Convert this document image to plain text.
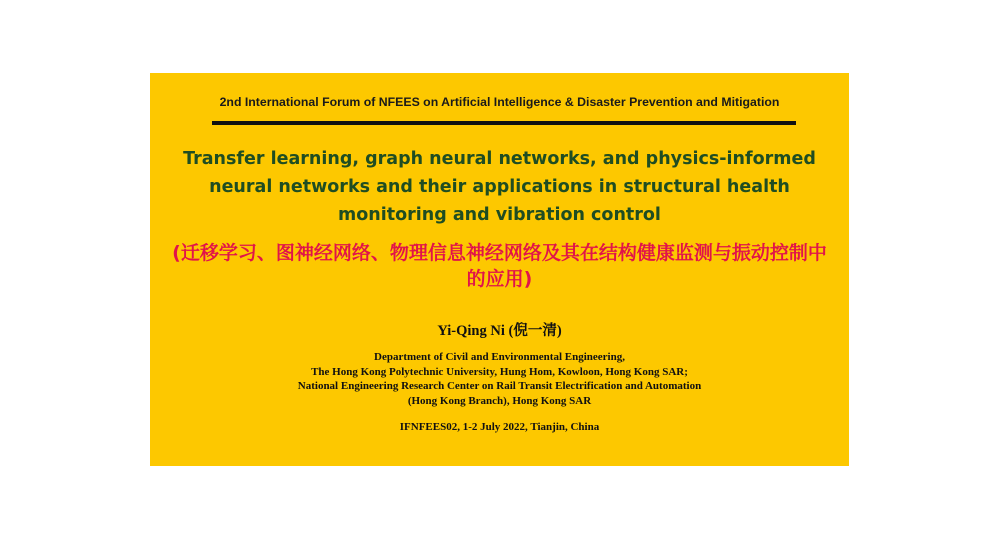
2nd International Forum of NFEES on Artificial Intelligence & Disaster Prevention and Mitigation
Transfer learning, graph neural networks, and physics-informed neural networks and their applications in structural health monitoring and vibration control
(迁移学习、图神经网络、物理信息神经网络及其在结构健康监测与振动控制中的应用)
Yi-Qing Ni (倪一清)
Department of Civil and Environmental Engineering,
The Hong Kong Polytechnic University, Hung Hom, Kowloon, Hong Kong SAR;
National Engineering Research Center on Rail Transit Electrification and Automation
(Hong Kong Branch), Hong Kong SAR
IFNFEES02, 1-2 July 2022, Tianjin, China
